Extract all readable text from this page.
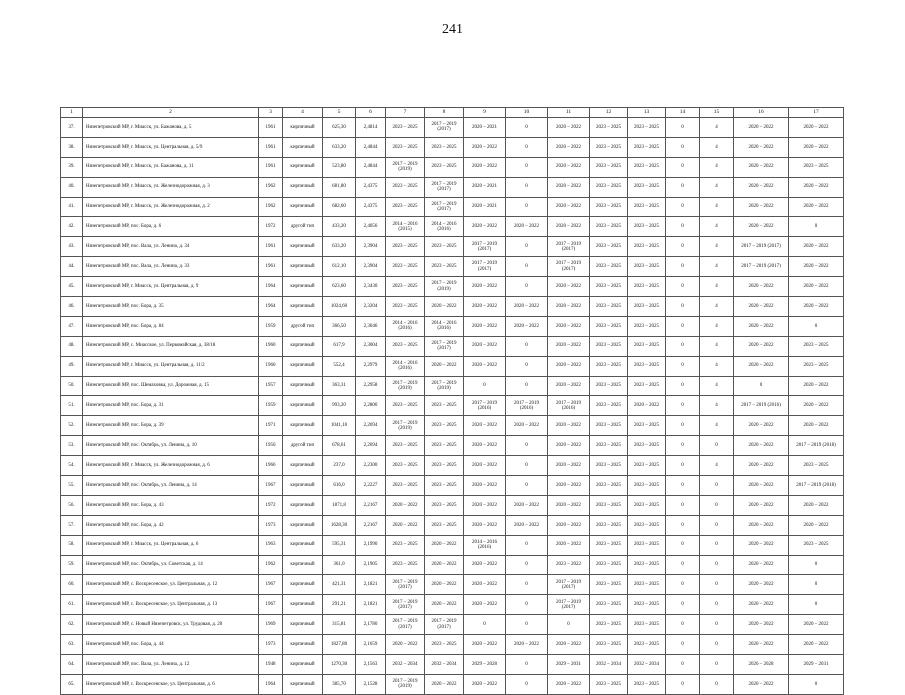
241
1	2	3	4	5	6	7	8	9	10	11	12	13	14	15	16	17
37.	Нязепетровский МР, г. Миасск, ул. Бажанова, д. 5	1961	кирпичный	625,30	2,4814	2023 – 2025	2017 – 2019 (2017)	2020 – 2021	0	2020 – 2022	2023 – 2025	2023 – 2025	0	4	2020 – 2022	2020 – 2022
38.	Нязепетровский МР, г. Миасск, ул. Центральная, д. 5/9	1961	кирпичный	633,20	2,4844	2023 – 2025	2023 – 2025	2020 – 2022	0	2020 – 2022	2023 – 2025	2023 – 2025	0	4	2020 – 2022	2020 – 2022
39.	Нязепетровский МР, г. Миасск, ул. Бажанова, д. 11	1961	кирпичный	523,80	2,4844	2017 – 2019 (2019)	2023 – 2025	2020 – 2022	0	2020 – 2022	2023 – 2025	2023 – 2025	0	4	2020 – 2022	2023 – 2025
40.	Нязепетровский МР, г. Миасск, ул. Железнодорожная, д. 3	1962	кирпичный	681,80	2,4375	2023 – 2025	2017 – 2019 (2017)	2020 – 2021	0	2020 – 2022	2023 – 2025	2023 – 2025	0	4	2020 – 2022	2020 – 2022
41.	Нязепетровский МР, г. Миасск, ул. Железнодорожная, д. 2	1962	кирпичный	682,60	2,4375	2023 – 2025	2017 – 2019 (2017)	2020 – 2021	0	2020 – 2022	2023 – 2025	2023 – 2025	0	4	2020 – 2022	2020 – 2022
42.	Нязепетровский МР, пос. Бора, д. 6	1972	другой тип	433,20	2,4056	2014 – 2016 (2015)	2014 – 2016 (2016)	2020 – 2022	2020 – 2022	2020 – 2022	2023 – 2025	2023 – 2025	0	4	2020 – 2022	0
43.	Нязепетровский МР, пос. Вала, ул. Ленина, д. 34	1961	кирпичный	633,20	2,3904	2023 – 2025	2023 – 2025	2017 – 2019 (2017)	0	2017 – 2019 (2017)	2023 – 2025	2023 – 2025	0	4	2017 – 2019 (2017)	2020 – 2022
44.	Нязепетровский МР, пос. Вала, ул. Ленина, д. 33	1961	кирпичный	612,10	2,3904	2023 – 2025	2023 – 2025	2017 – 2019 (2017)	0	2017 – 2019 (2017)	2023 – 2025	2023 – 2025	0	4	2017 – 2019 (2017)	2020 – 2022
45.	Нязепетровский МР, г. Миасск, ул. Центральная, д. 9	1964	кирпичный	623,60	2,3430	2023 – 2025	2017 – 2019 (2019)	2020 – 2022	0	2020 – 2022	2023 – 2025	2023 – 2025	0	4	2020 – 2022	2020 – 2022
46.	Нязепетровский МР, пос. Бора, д. 35	1964	кирпичный	1024,60	2,3204	2023 – 2025	2020 – 2022	2020 – 2022	2020 – 2022	2020 – 2022	2023 – 2025	2023 – 2025	0	4	2020 – 2022	2020 – 2022
47.	Нязепетровский МР, пос. Бора, д. 84	1959	другой тип	366,50	2,3046	2014 – 2016 (2016)	2014 – 2016 (2016)	2020 – 2022	2020 – 2022	2020 – 2022	2023 – 2025	2023 – 2025	0	4	2020 – 2022	0
48.	Нязепетровский МР, с. Миасское, ул. Первомайская, д. 38/18	1960	кирпичный	617,9	2,3004	2023 – 2025	2017 – 2019 (2017)	2020 – 2022	0	2020 – 2022	2023 – 2025	2023 – 2025	0	4	2020 – 2022	2023 – 2025
49.	Нязепетровский МР, г. Миасск, ул. Центральная, д. 11/2	1960	кирпичный	552,4	2,2979	2014 – 2016 (2016)	2020 – 2022	2020 – 2022	0	2020 – 2022	2023 – 2025	2023 – 2025	0	4	2020 – 2022	2023 – 2025
50.	Нязепетровский МР, пос. Шемаховка, ул. Дорожная, д. 15	1957	кирпичный	363,31	2,2958	2017 – 2019 (2019)	2017 – 2019 (2019)	0	0	2020 – 2022	2023 – 2025	2023 – 2025	0	4	0	2020 – 2022
51.	Нязепетровский МР, пос. Бора, д. 31	1959	кирпичный	993,20	2,2800	2023 – 2025	2023 – 2025	2017 – 2019 (2016)	2017 – 2019 (2016)	2017 – 2019 (2016)	2023 – 2025	2020 – 2022	0	4	2017 – 2019 (2016)	2020 – 2022
52.	Нязепетровский МР, пос. Бора, д. 39	1971	кирпичный	1041,10	2,2694	2017 – 2019 (2019)	2023 – 2025	2020 – 2022	2020 – 2022	2020 – 2022	2023 – 2025	2023 – 2025	0	4	2020 – 2022	2020 – 2022
53.	Нязепетровский МР, пос. Октябрь, ул. Ленина, д. 10	1956	другой тип	678,61	2,2694	2023 – 2025	2023 – 2025	2020 – 2022	0	2020 – 2022	2023 – 2025	2023 – 2025	0	0	2020 – 2022	2017 – 2019 (2018)
54.	Нязепетровский МР, г. Миасск, ул. Железнодорожная, д. 6	1966	кирпичный	237,0	2,2300	2023 – 2025	2023 – 2025	2020 – 2022	0	2020 – 2022	2023 – 2025	2023 – 2025	0	4	2020 – 2022	2023 – 2025
55.	Нязепетровский МР, пос. Октябрь, ул. Ленина, д. 14	1967	кирпичный	616,0	2,2227	2023 – 2025	2023 – 2025	2020 – 2022	0	2020 – 2022	2023 – 2025	2023 – 2025	0	0	2020 – 2022	2017 – 2019 (2018)
56.	Нязепетровский МР, пос. Бора, д. 43	1972	кирпичный	1871,8	2,2167	2020 – 2022	2023 – 2025	2020 – 2022	2020 – 2022	2020 – 2022	2023 – 2025	2023 – 2025	0	0	2020 – 2022	2020 – 2022
57.	Нязепетровский МР, пос. Бора, д. 42	1973	кирпичный	1628,30	2,2167	2020 – 2022	2023 – 2025	2020 – 2022	2020 – 2022	2020 – 2022	2023 – 2025	2023 – 2025	0	0	2020 – 2022	2020 – 2022
58.	Нязепетровский МР, г. Миасск, ул. Центральная, д. 6	1963	кирпичный	595,31	2,1990	2023 – 2025	2020 – 2022	2014 – 2016 (2016)	0	2020 – 2022	2023 – 2025	2023 – 2025	0	0	2020 – 2022	2023 – 2025
59.	Нязепетровский МР, пос. Октябрь, ул. Советская, д. 14	1962	кирпичный	361,0	2,1905	2023 – 2025	2020 – 2022	2020 – 2022	0	2023 – 2022	2023 – 2025	2023 – 2025	0	0	2020 – 2022	0
60.	Нязепетровский МР, с. Воскресенское, ул. Центральная, д. 12	1967	кирпичный	421,31	2,1821	2017 – 2019 (2017)	2020 – 2022	2020 – 2022	0	2017 – 2019 (2017)	2023 – 2025	2023 – 2025	0	0	2020 – 2022	0
61.	Нязепетровский МР, с. Воскресенское, ул. Центральная, д. 13	1967	кирпичный	291,21	2,1821	2017 – 2019 (2017)	2020 – 2022	2020 – 2022	0	2017 – 2019 (2017)	2023 – 2025	2023 – 2025	0	0	2020 – 2022	0
62.	Нязепетровский МР, с. Новый Нязепетровск, ул. Трудовая, д. 20	1969	кирпичный	315,81	2,1780	2017 – 2019 (2017)	2017 – 2019 (2017)	0	0	0	2023 – 2025	2023 – 2025	0	0	2020 – 2022	2020 – 2022
63.	Нязепетровский МР, пос. Бора, д. 44	1973	кирпичный	1827,80	2,1659	2020 – 2022	2023 – 2025	2020 – 2022	2020 – 2022	2020 – 2022	2023 – 2025	2023 – 2025	0	0	2020 – 2022	2020 – 2022
64.	Нязепетровский МР, пос. Вала, ул. Ленина, д. 12	1948	кирпичный	1270,30	2,1563	2032 – 2034	2032 – 2034	2029 – 2028	0	2029 – 2031	2032 – 2034	2032 – 2034	0	0	2026 – 2028	2029 – 2031
65.	Нязепетровский МР, с. Воскресенское, ул. Центральная, д. 6	1964	кирпичный	385,70	2,1528	2017 – 2019 (2019)	2020 – 2022	2020 – 2022	0	2020 – 2022	2023 – 2025	2023 – 2025	0	0	2020 – 2022	0
